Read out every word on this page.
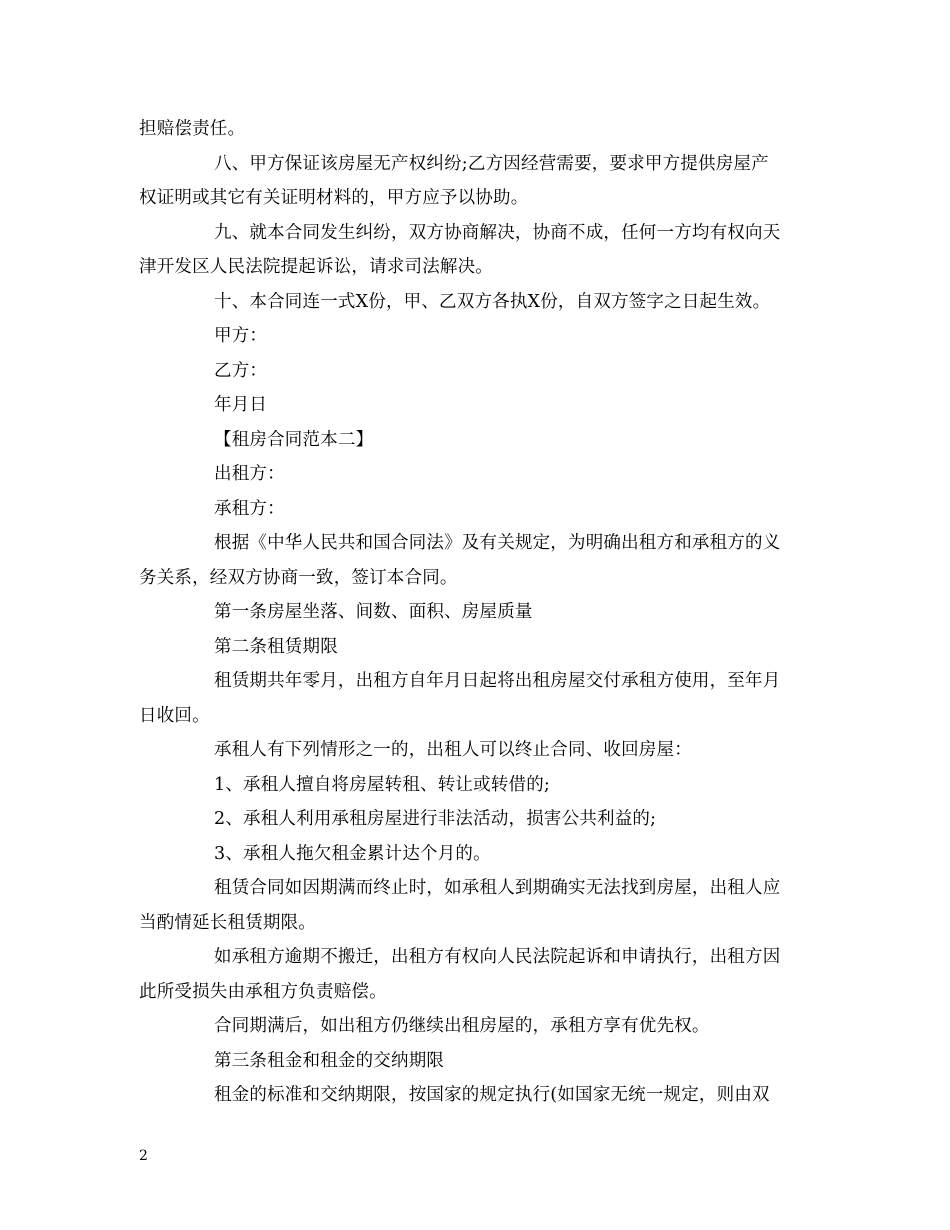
担赔偿责任。
八、甲方保证该房屋无产权纠纷;乙方因经营需要，要求甲方提供房屋产
权证明或其它有关证明材料的，甲方应予以协助。
九、就本合同发生纠纷，双方协商解决，协商不成，任何一方均有权向天
津开发区人民法院提起诉讼，请求司法解决。
十、本合同连一式X份，甲、乙双方各执X份，自双方签字之日起生效。
甲方：
乙方：
年月日
【租房合同范本二】
出租方：
承租方：
根据《中华人民共和国合同法》及有关规定，为明确出租方和承租方的义
务关系，经双方协商一致，签订本合同。
第一条房屋坐落、间数、面积、房屋质量
第二条租赁期限
租赁期共年零月，出租方自年月日起将出租房屋交付承租方使用，至年月
日收回。
承租人有下列情形之一的，出租人可以终止合同、收回房屋：
1、承租人擅自将房屋转租、转让或转借的;
2、承租人利用承租房屋进行非法活动，损害公共利益的;
3、承租人拖欠租金累计达个月的。
租赁合同如因期满而终止时，如承租人到期确实无法找到房屋，出租人应
当酌情延长租赁期限。
如承租方逾期不搬迁，出租方有权向人民法院起诉和申请执行，出租方因
此所受损失由承租方负责赔偿。
合同期满后，如出租方仍继续出租房屋的，承租方享有优先权。
第三条租金和租金的交纳期限
租金的标准和交纳期限，按国家的规定执行(如国家无统一规定，则由双
2
